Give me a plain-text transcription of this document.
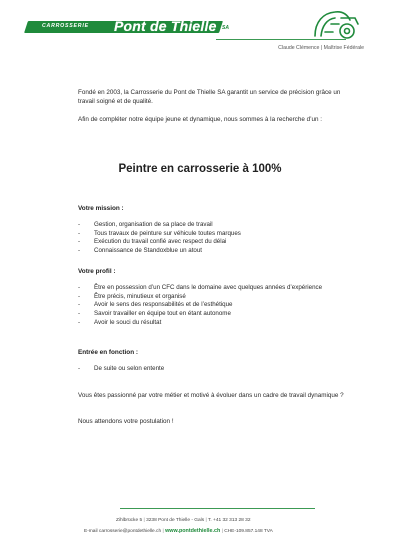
CARROSSERIE Pont de Thielle SA
Claude Clémence | Maîtrise Fédérale

Fondé en 2003, la Carrosserie du Pont de Thielle SA garantit un service de précision grâce un travail soigné et de qualité.

Afin de compléter notre équipe jeune et dynamique, nous sommes à la recherche d’un :

Peintre en carrosserie à 100%
Votre mission :
- Gestion, organisation de sa place de travail
- Tous travaux de peinture sur véhicule toutes marques
- Exécution du travail confié avec respect du délai
- Connaissance de Standoxblue un atout
Votre profil :
- Être en possession d’un CFC dans le domaine avec quelques années d’expérience
- Être précis, minutieux et organisé
- Avoir le sens des responsabilités et de l’esthétique
- Savoir travailler en équipe tout en étant autonome
- Avoir le souci du résultat
Entrée en fonction :
- De suite ou selon entente

Vous êtes passionné par votre métier et motivé à évoluer dans un cadre de travail dynamique ?

Nous attendons votre postulation !

Zihlbrücke 5 | 3238 Pont de Thielle - Gals | T. +41 32 313 28 32
E-mail carrosserie@pontdethielle.ch | www.pontdethielle.ch | CHE-109.857.148 TVA
